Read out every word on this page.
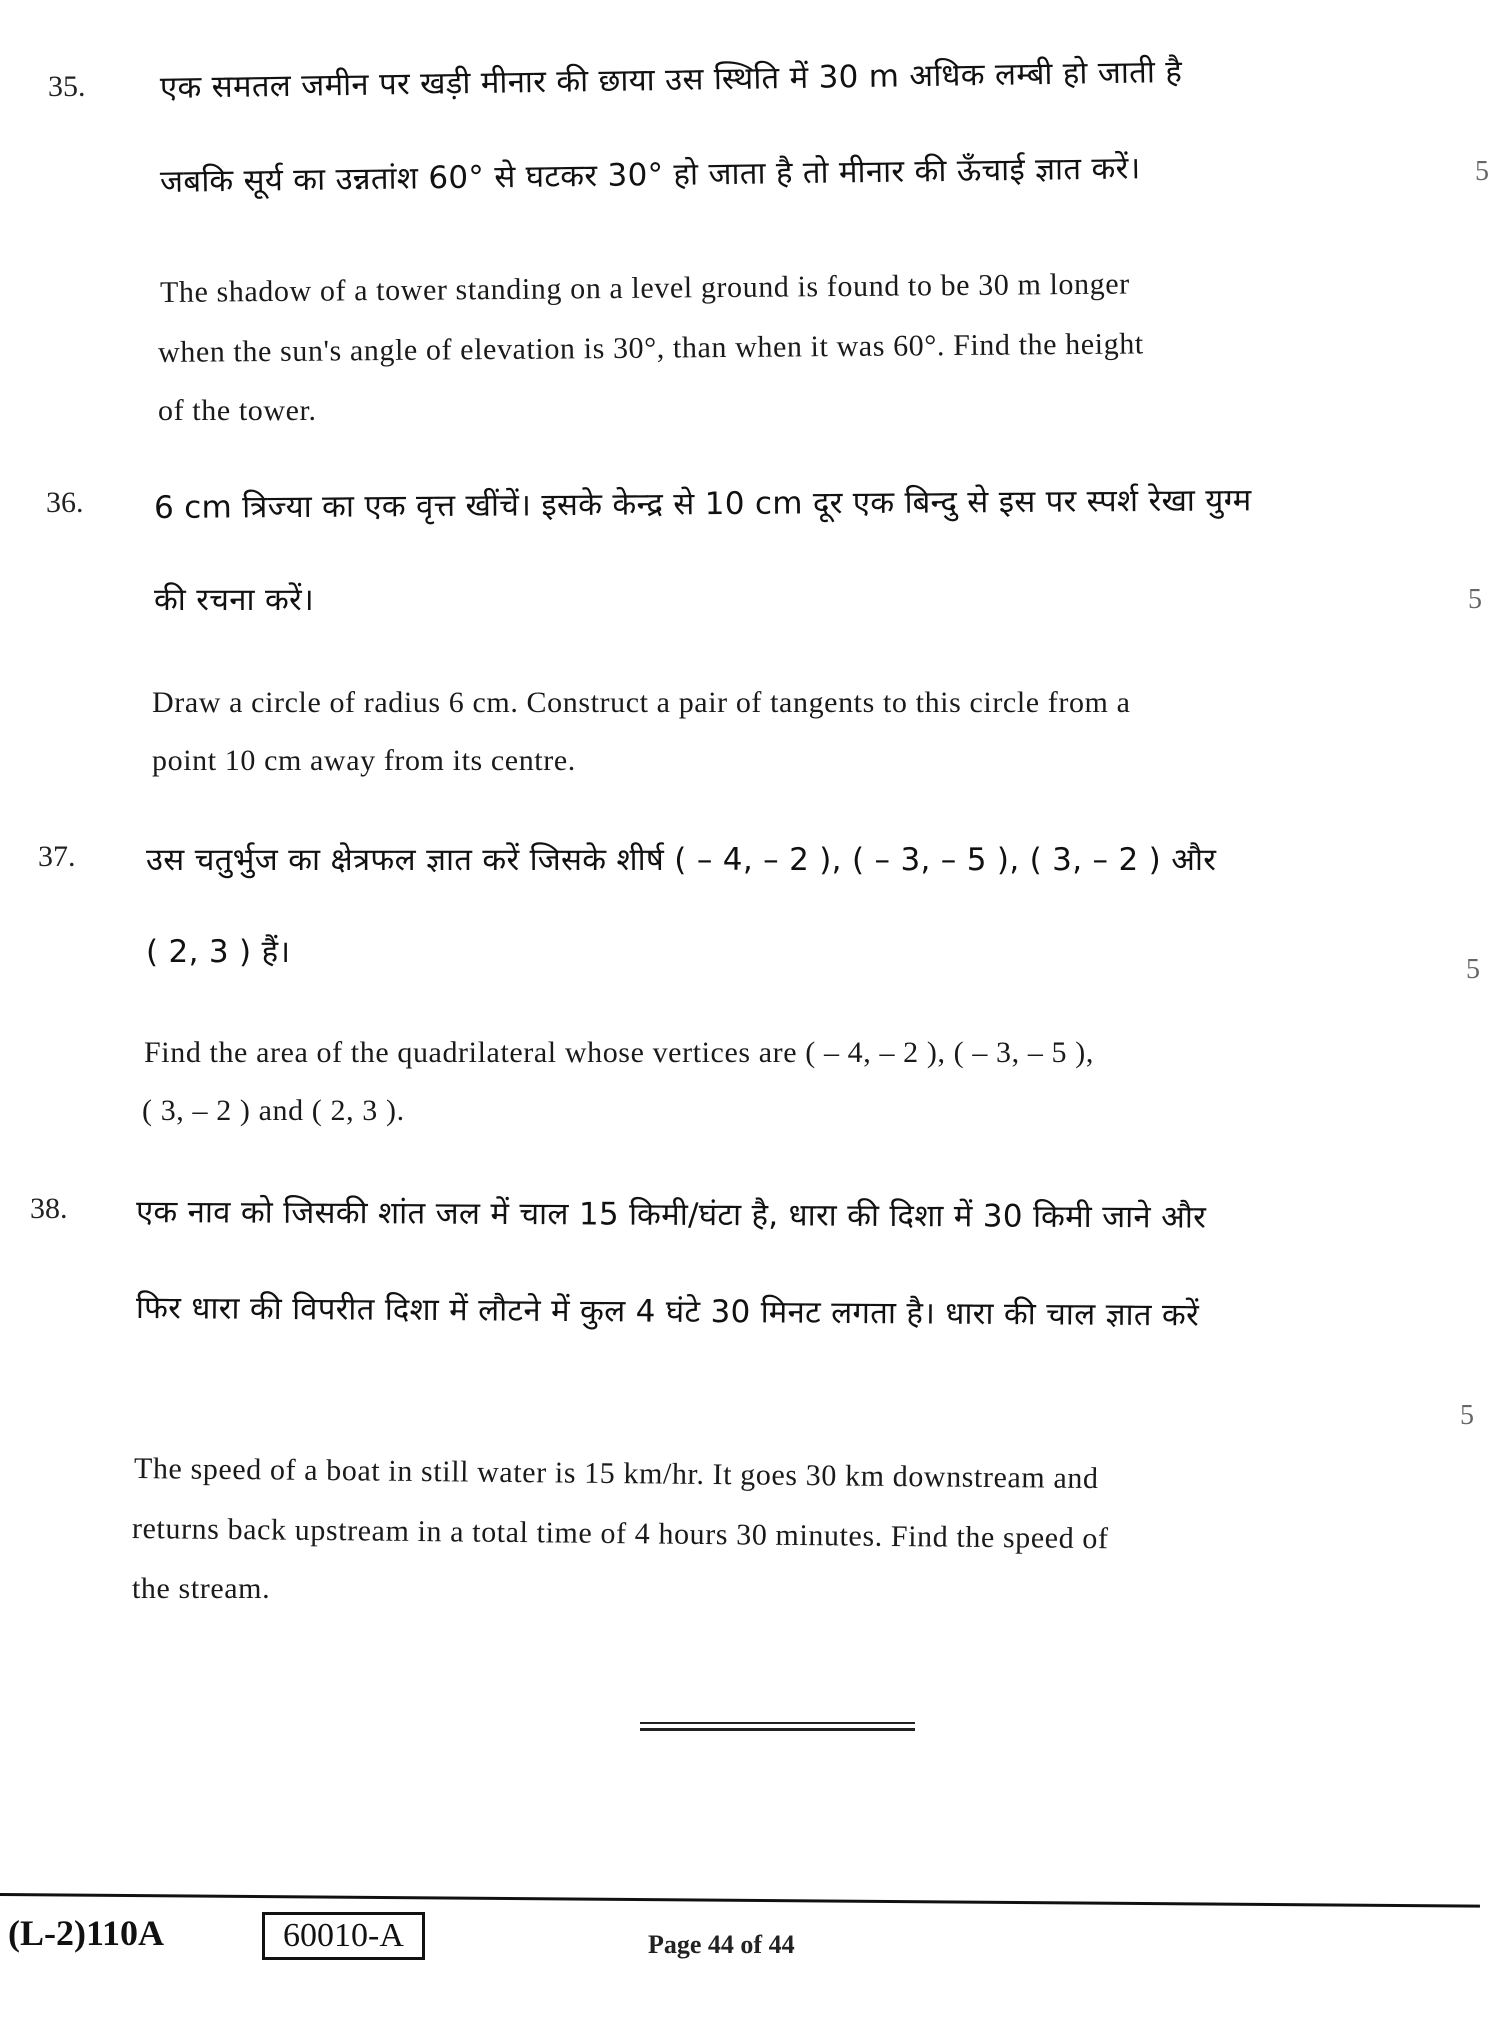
35. एक समतल जमीन पर खड़ी मीनार की छाया उस स्थिति में 30 m अधिक लम्बी हो जाती है
जबकि सूर्य का उन्नतांश 60° से घटकर 30° हो जाता है तो मीनार की ऊँचाई ज्ञात करें।	5
The shadow of a tower standing on a level ground is found to be 30 m longer
when the sun's angle of elevation is 30°, than when it was 60°. Find the height
of the tower.
36. 6 cm त्रिज्या का एक वृत्त खींचें। इसके केन्द्र से 10 cm दूर एक बिन्दु से इस पर स्पर्श रेखा युग्म
की रचना करें।	5
Draw a circle of radius 6 cm. Construct a pair of tangents to this circle from a
point 10 cm away from its centre.
37. उस चतुर्भुज का क्षेत्रफल ज्ञात करें जिसके शीर्ष ( – 4, – 2 ), ( – 3, – 5 ), ( 3, – 2 ) और
( 2, 3 ) हैं।	5
Find the area of the quadrilateral whose vertices are ( – 4, – 2 ), ( – 3, – 5 ),
( 3, – 2 ) and ( 2, 3 ).
38. एक नाव को जिसकी शांत जल में चाल 15 किमी/घंटा है, धारा की दिशा में 30 किमी जाने और
फिर धारा की विपरीत दिशा में लौटने में कुल 4 घंटे 30 मिनट लगता है। धारा की चाल ज्ञात करें
5
The speed of a boat in still water is 15 km/hr. It goes 30 km downstream and
returns back upstream in a total time of 4 hours 30 minutes. Find the speed of
the stream.
(L-2)110A	60010-A	Page 44 of 44
